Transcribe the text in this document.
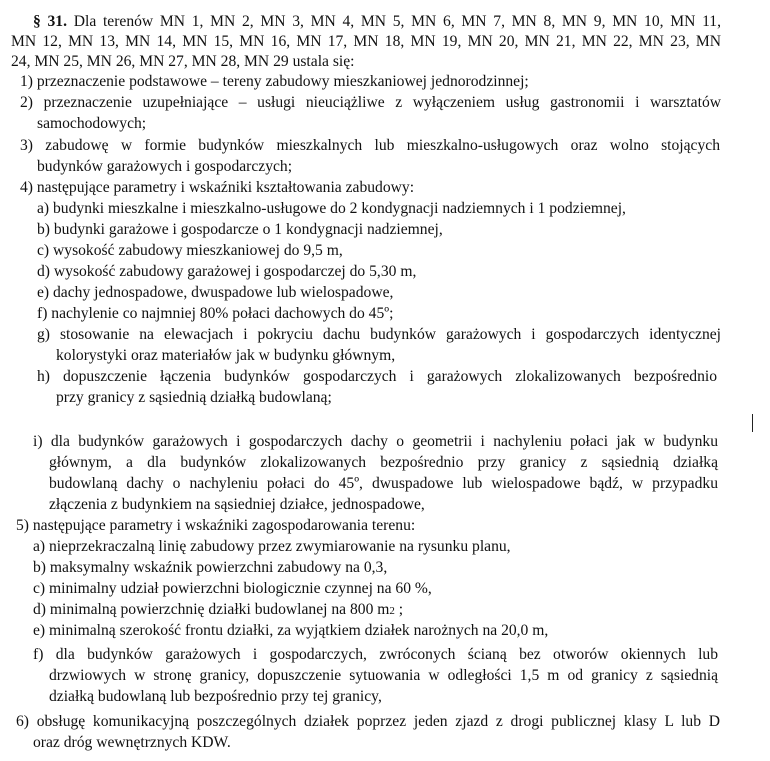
§ 31. Dla terenów MN 1, MN 2, MN 3, MN 4, MN 5, MN 6, MN 7, MN 8, MN 9, MN 10, MN 11,
MN 12, MN 13, MN 14, MN 15, MN 16, MN 17, MN 18, MN 19, MN 20, MN 21, MN 22, MN 23, MN
24, MN 25, MN 26, MN 27, MN 28, MN 29 ustala się:
1) przeznaczenie podstawowe – tereny zabudowy mieszkaniowej jednorodzinnej;
2) przeznaczenie uzupełniające – usługi nieuciążliwe z wyłączeniem usług gastronomii i warsztatów
samochodowych;
3) zabudowę w formie budynków mieszkalnych lub mieszkalno-usługowych oraz wolno stojących
budynków garażowych i gospodarczych;
4) następujące parametry i wskaźniki kształtowania zabudowy:
a) budynki mieszkalne i mieszkalno-usługowe do 2 kondygnacji nadziemnych i 1 podziemnej,
b) budynki garażowe i gospodarcze o 1 kondygnacji nadziemnej,
c) wysokość zabudowy mieszkaniowej do 9,5 m,
d) wysokość zabudowy garażowej i gospodarczej do 5,30 m,
e) dachy jednospadowe, dwuspadowe lub wielospadowe,
f) nachylenie co najmniej 80% połaci dachowych do 45º;
g) stosowanie na elewacjach i pokryciu dachu budynków garażowych i gospodarczych identycznej
kolorystyki oraz materiałów jak w budynku głównym,
h) dopuszczenie łączenia budynków gospodarczych i garażowych zlokalizowanych bezpośrednio
przy granicy z sąsiednią działką budowlaną;
i) dla budynków garażowych i gospodarczych dachy o geometrii i nachyleniu połaci jak w budynku
głównym, a dla budynków zlokalizowanych bezpośrednio przy granicy z sąsiednią działką
budowlaną dachy o nachyleniu połaci do 45º, dwuspadowe lub wielospadowe bądź, w przypadku
złączenia z budynkiem na sąsiedniej działce, jednospadowe,
5) następujące parametry i wskaźniki zagospodarowania terenu:
a) nieprzekraczalną linię zabudowy przez zwymiarowanie na rysunku planu,
b) maksymalny wskaźnik powierzchni zabudowy na 0,3,
c) minimalny udział powierzchni biologicznie czynnej na 60 %,
d) minimalną powierzchnię działki budowlanej na 800 m2 ;
e) minimalną szerokość frontu działki, za wyjątkiem działek narożnych na 20,0 m,
f) dla budynków garażowych i gospodarczych, zwróconych ścianą bez otworów okiennych lub
drzwiowych w stronę granicy, dopuszczenie sytuowania w odległości 1,5 m od granicy z sąsiednią
działką budowlaną lub bezpośrednio przy tej granicy,
6) obsługę komunikacyjną poszczególnych działek poprzez jeden zjazd z drogi publicznej klasy L lub D
oraz dróg wewnętrznych KDW.
